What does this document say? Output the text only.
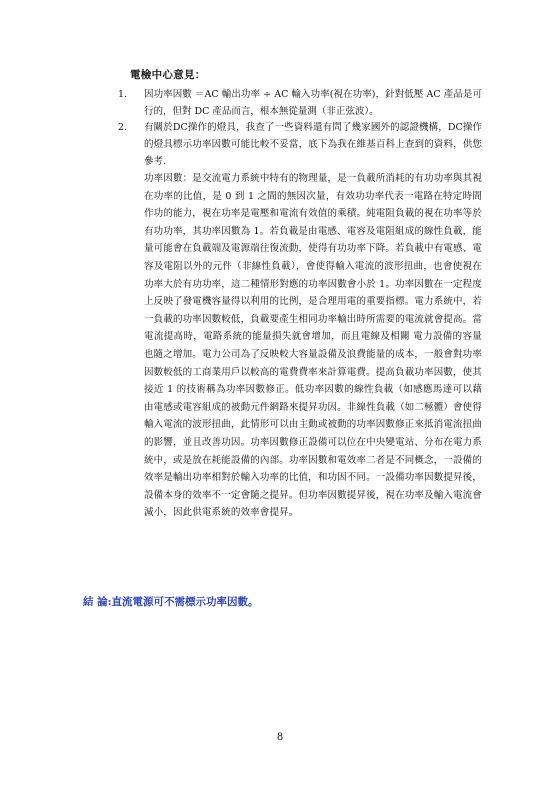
電檢中心意見：
1.	因功率因數 ＝AC 輸出功率 ÷ AC 輸入功率(視在功率)，針對低壓 AC 產品是可行的，但對 DC 產品而言，根本無從量測（非正弦波）。
2.	有關於DC操作的燈具，我查了一些資料還有問了幾家國外的認證機構，DC操作的燈具標示功率因數可能比較不妥當，底下為我在維基百科上查到的資料，供您參考.
功率因數：是交流電力系統中特有的物理量，是一負載所消耗的有功功率與其視在功率的比值，是 0 到 1 之間的無因次量，有效功功率代表一電路在特定時間作功的能力，視在功率是電壓和電流有效值的乘積。純電阻負載的視在功率等於有功功率，其功率因數為 1。若負載是由電感、電容及電阻組成的線性負載，能量可能會在負載端及電源端往復流動，使得有功功率下降。若負載中有電感、電容及電阻以外的元件（非線性負載），會使得輸入電流的波形扭曲，也會使視在功率大於有功功率，這二種情形對應的功率因數會小於 1。功率因數在一定程度上反映了發電機容量得以利用的比例，是合理用電的重要指標。電力系統中，若一負載的功率因數較低，負載要產生相同功率輸出時所需要的電流就會提高。當電流提高時，電路系統的能量損失就會增加，而且電線及相關 電力設備的容量也隨之增加。電力公司為了反映較大容量設備及浪費能量的成本，一般會對功率因數較低的工商業用戶以較高的電費費率來計算電費。提高負載功率因數，使其接近 1 的技術稱為功率因數修正。低功率因數的線性負載（如感應馬達可以藉由電感或電容組成的被動元件網路來提昇功因。非線性負載（如二極體）會使得輸入電流的波形扭曲，此情形可以由主動或被動的功率因數修正來抵消電流扭曲的影響，並且改善功因。功率因數修正設備可以位在中央變電站、分布在電力系統中，或是放在耗能設備的內部。功率因數和電效率二者是不同概念，一設備的效率是輸出功率相對於輸入功率的比值，和功因不同。一設備功率因數提昇後，設備本身的效率不一定會隨之提昇。但功率因數提昇後，視在功率及輸入電流會減小，因此供電系統的效率會提昇。
結 論:直流電源可不需標示功率因數。
8
